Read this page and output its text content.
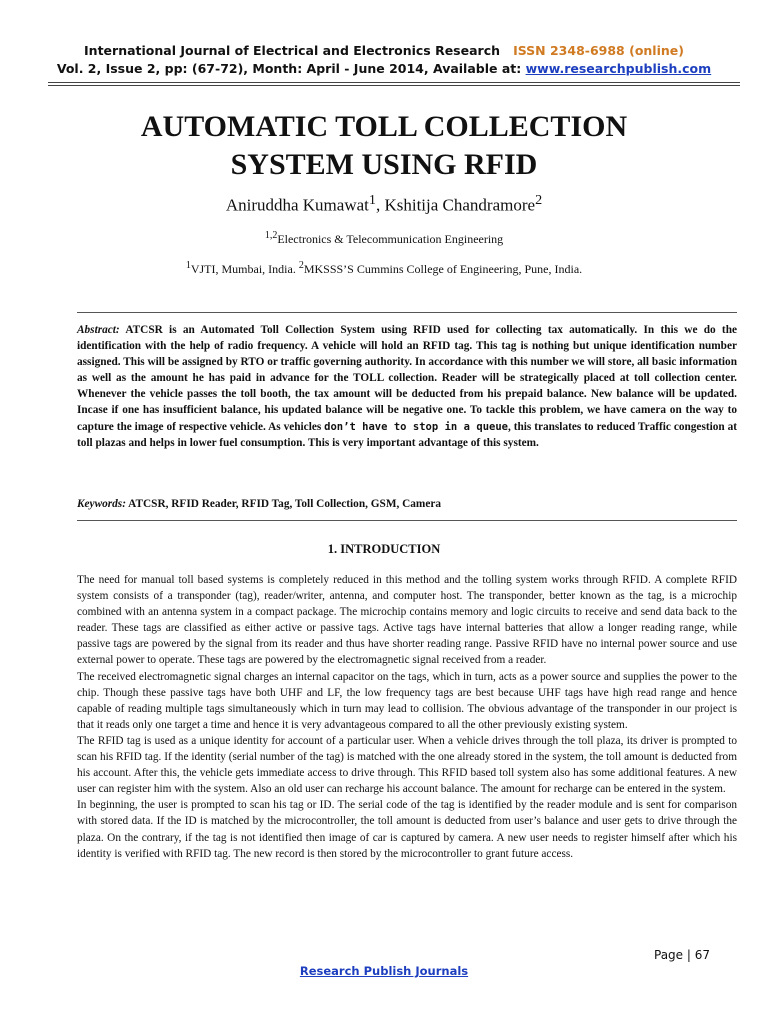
International Journal of Electrical and Electronics Research ISSN 2348-6988 (online)
Vol. 2, Issue 2, pp: (67-72), Month: April - June 2014, Available at: www.researchpublish.com
AUTOMATIC TOLL COLLECTION
SYSTEM USING RFID
Aniruddha Kumawat$^1$, Kshitija Chandramore$^2$
$^{1,2}$Electronics & Telecommunication Engineering
$^1$VJTI, Mumbai, India. $^2$MKSSS’S Cummins College of Engineering, Pune, India.
Abstract: ATCSR is an Automated Toll Collection System using RFID used for collecting tax automatically. In this we do the identification with the help of radio frequency. A vehicle will hold an RFID tag. This tag is nothing but unique identification number assigned. This will be assigned by RTO or traffic governing authority. In accordance with this number we will store, all basic information as well as the amount he has paid in advance for the TOLL collection. Reader will be strategically placed at toll collection center. Whenever the vehicle passes the toll booth, the tax amount will be deducted from his prepaid balance. New balance will be updated. Incase if one has insufficient balance, his updated balance will be negative one. To tackle this problem, we have camera on the way to capture the image of respective vehicle. As vehicles don’t have to stop in a queue, this translates to reduced Traffic congestion at toll plazas and helps in lower fuel consumption. This is very important advantage of this system.
Keywords: ATCSR, RFID Reader, RFID Tag, Toll Collection, GSM, Camera
1. INTRODUCTION

The need for manual toll based systems is completely reduced in this method and the tolling system works through RFID. A complete RFID system consists of a transponder (tag), reader/writer, antenna, and computer host. The transponder, better known as the tag, is a microchip combined with an antenna system in a compact package. The microchip contains memory and logic circuits to receive and send data back to the reader. These tags are classified as either active or passive tags. Active tags have internal batteries that allow a longer reading range, while passive tags are powered by the signal from its reader and thus have shorter reading range. Passive RFID have no internal power source and use external power to operate. These tags are powered by the electromagnetic signal received from a reader.

The received electromagnetic signal charges an internal capacitor on the tags, which in turn, acts as a power source and supplies the power to the chip. Though these passive tags have both UHF and LF, the low frequency tags are best because UHF tags have high read range and hence capable of reading multiple tags simultaneously which in turn may lead to collision. The obvious advantage of the transponder in our project is that it reads only one target a time and hence it is very advantageous compared to all the other previously existing system.

The RFID tag is used as a unique identity for account of a particular user. When a vehicle drives through the toll plaza, its driver is prompted to scan his RFID tag. If the identity (serial number of the tag) is matched with the one already stored in the system, the toll amount is deducted from his account. After this, the vehicle gets immediate access to drive through. This RFID based toll system also has some additional features. A new user can register him with the system. Also an old user can recharge his account balance. The amount for recharge can be entered in the system.

In beginning, the user is prompted to scan his tag or ID. The serial code of the tag is identified by the reader module and is sent for comparison with stored data. If the ID is matched by the microcontroller, the toll amount is deducted from user’s balance and user gets to drive through the plaza. On the contrary, if the tag is not identified then image of car is captured by camera. A new user needs to register himself after which his identity is verified with RFID tag. The new record is then stored by the microcontroller to grant future access.

Page | 67
Research Publish Journals
